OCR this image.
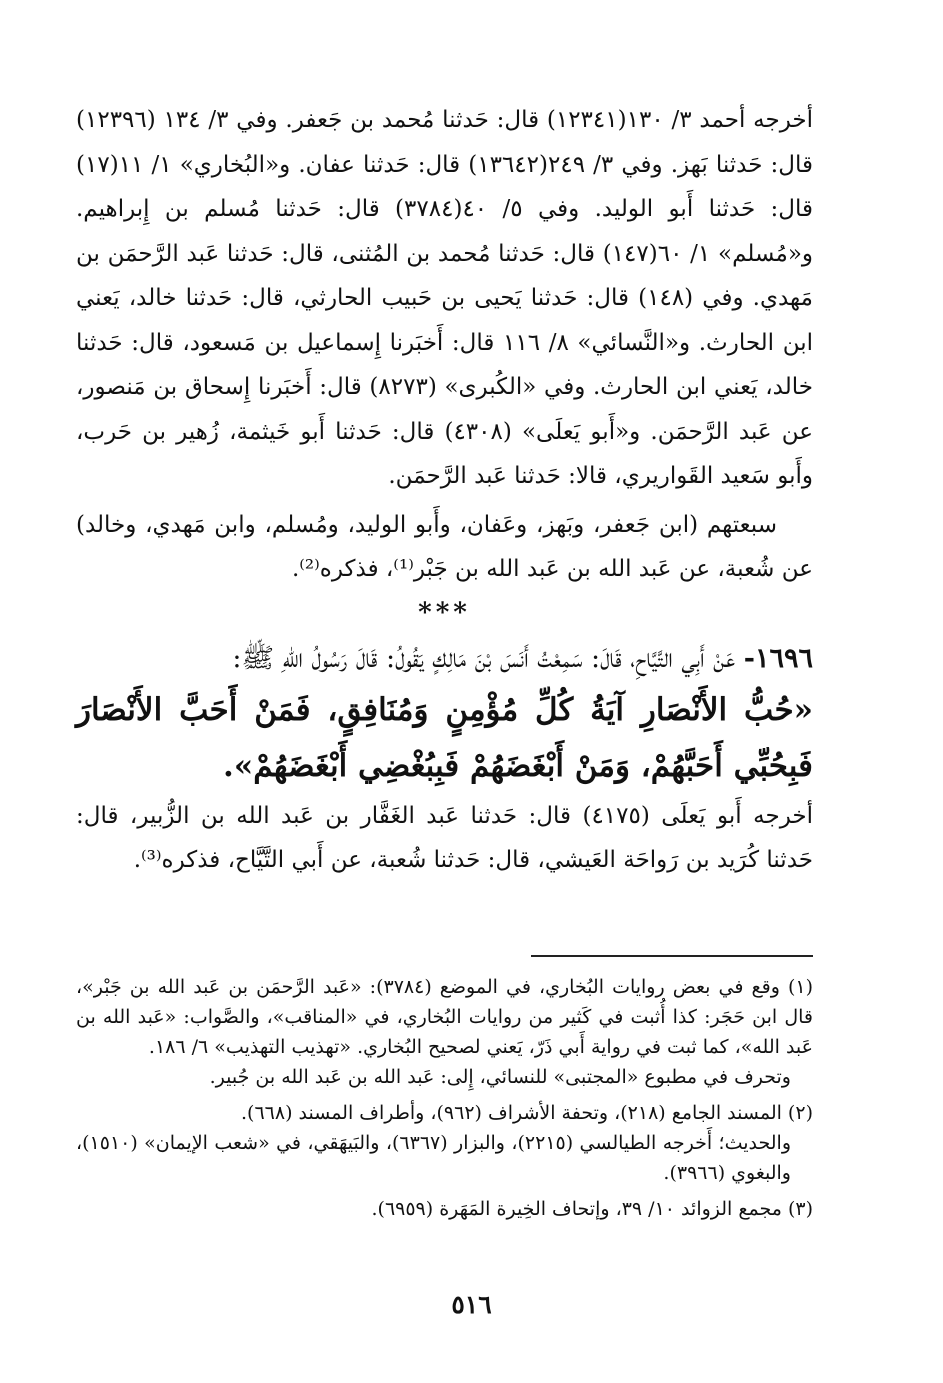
أخرجه أحمد ٣/ ١٣٠(١٢٣٤١) قال: حَدثنا مُحمد بن جَعفر. وفي ٣/ ١٣٤ (١٢٣٩٦) قال: حَدثنا بَهز. وفي ٣/ ٢٤٩(١٣٦٤٢) قال: حَدثنا عفان. و«البُخاري» ١/ ١١(١٧) قال: حَدثنا أَبو الوليد. وفي ٥/ ٤٠(٣٧٨٤) قال: حَدثنا مُسلم بن إِبراهيم. و«مُسلم» ١/ ٦٠(١٤٧) قال: حَدثنا مُحمد بن المُثنى، قال: حَدثنا عَبد الرَّحمَن بن مَهدي. وفي (١٤٨) قال: حَدثنا يَحيى بن حَبيب الحارثي، قال: حَدثنا خالد، يَعني ابن الحارث. و«النَّسائي» ٨/ ١١٦ قال: أَخبَرنا إِسماعيل بن مَسعود، قال: حَدثنا خالد، يَعني ابن الحارث. وفي «الكُبرى» (٨٢٧٣) قال: أَخبَرنا إِسحاق بن مَنصور، عن عَبد الرَّحمَن. و«أَبو يَعلَى» (٤٣٠٨) قال: حَدثنا أَبو خَيثمة، زُهير بن حَرب، وأَبو سَعيد القَواريري، قالا: حَدثنا عَبد الرَّحمَن.

سبعتهم (ابن جَعفر، وبَهز، وعَفان، وأَبو الوليد، ومُسلم، وابن مَهدي، وخالد) عن شُعبة، عن عَبد الله بن عَبد الله بن جَبْر⁽¹⁾، فذكره⁽²⁾.

***

١٦٩٦- عَنْ أَبِي التَّيَّاحِ، قَالَ: سَمِعْتُ أَنَسَ بْنَ مَالِكٍ يَقُولُ: قَالَ رَسُولُ اللهِ ﷺ:

«حُبُّ الأَنْصَارِ آيَةُ كُلِّ مُؤْمِنٍ وَمُنَافِقٍ، فَمَنْ أَحَبَّ الأَنْصَارَ فَبِحُبِّي أَحَبَّهُمْ، وَمَنْ أَبْغَضَهُمْ فَبِبُغْضِي أَبْغَضَهُمْ».

أخرجه أَبو يَعلَى (٤١٧٥) قال: حَدثنا عَبد الغَفَّار بن عَبد الله بن الزُّبير، قال: حَدثنا كُرَيد بن رَواحَة العَيشي، قال: حَدثنا شُعبة، عن أَبي التَّيَّاح، فذكره⁽³⁾.

(١) وقع في بعض روايات البُخاري، في الموضع (٣٧٨٤): «عَبد الرَّحمَن بن عَبد الله بن جَبْر»، قال ابن حَجَر: كذا أُثبت في كَثير من روايات البُخاري، في «المناقب»، والصَّواب: «عَبد الله بن عَبد الله»، كما ثبت في رواية أَبي ذَرّ، يَعني لصحيح البُخاري. «تهذيب التهذيب» ٦/ ١٨٦.

وتحرف في مطبوع «المجتبى» للنسائي، إِلى: عَبد الله بن عَبد الله بن جُبير.

(٢) المسند الجامع (٢١٨)، وتحفة الأشراف (٩٦٢)، وأطراف المسند (٦٦٨).

والحديث؛ أَخرجه الطيالسي (٢٢١٥)، والبزار (٦٣٦٧)، والبَيهَقي، في «شعب الإيمان» (١٥١٠)، والبغوي (٣٩٦٦).

(٣) مجمع الزوائد ١٠/ ٣٩، وإتحاف الخِيرة المَهَرة (٦٩٥٩).

٥١٦
